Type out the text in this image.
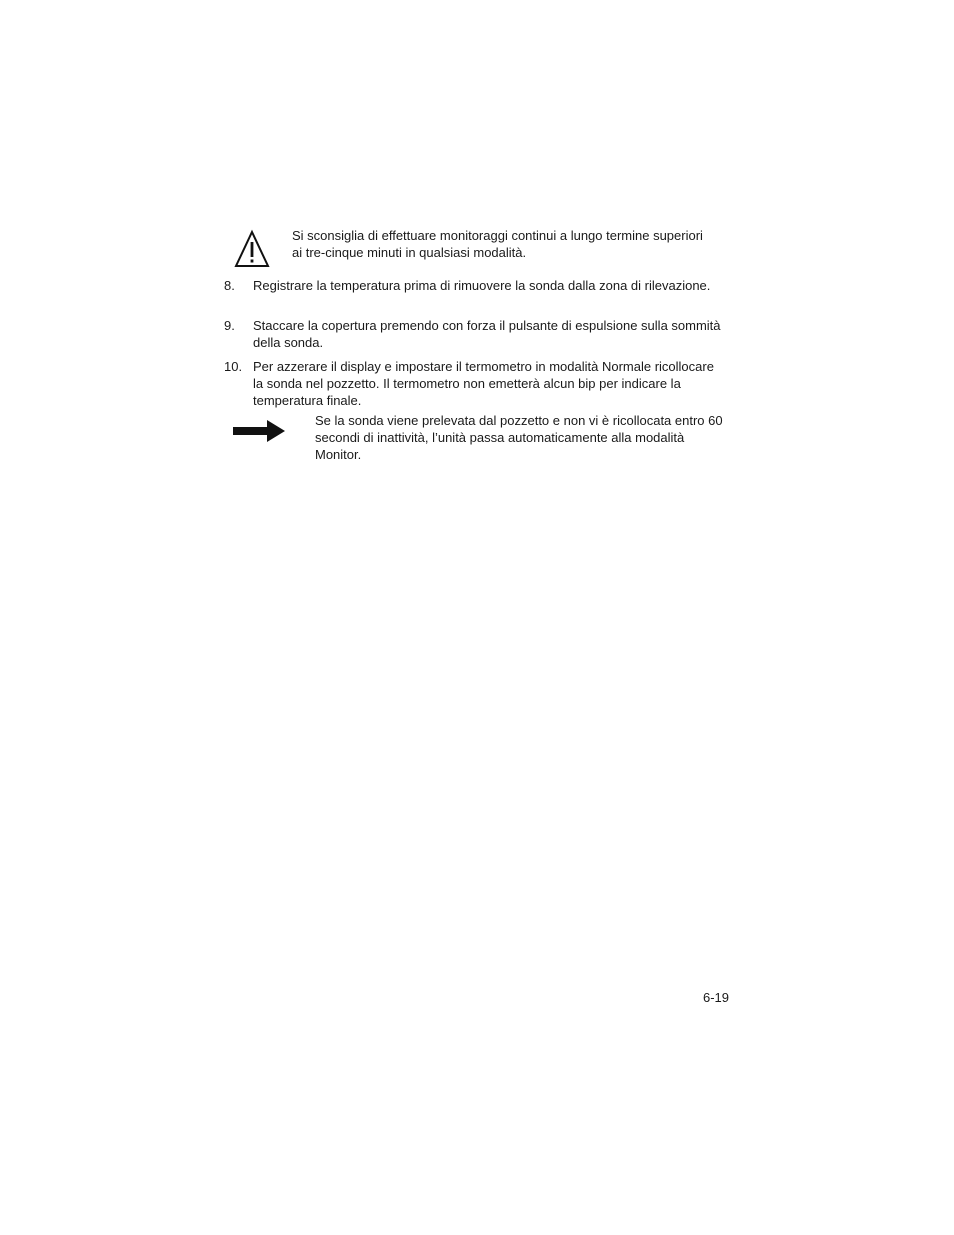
Si sconsiglia di effettuare monitoraggi continui a lungo termine superiori ai tre-cinque minuti in qualsiasi modalità.
8. Registrare la temperatura prima di rimuovere la sonda dalla zona di rilevazione.
9. Staccare la copertura premendo con forza il pulsante di espulsione sulla sommità della sonda.
10. Per azzerare il display e impostare il termometro in modalità Normale ricollocare la sonda nel pozzetto. Il termometro non emetterà alcun bip per indicare la temperatura finale.
Se la sonda viene prelevata dal pozzetto e non vi è ricollocata entro 60 secondi di inattività, l’unità passa automaticamente alla modalità Monitor.
6-19
